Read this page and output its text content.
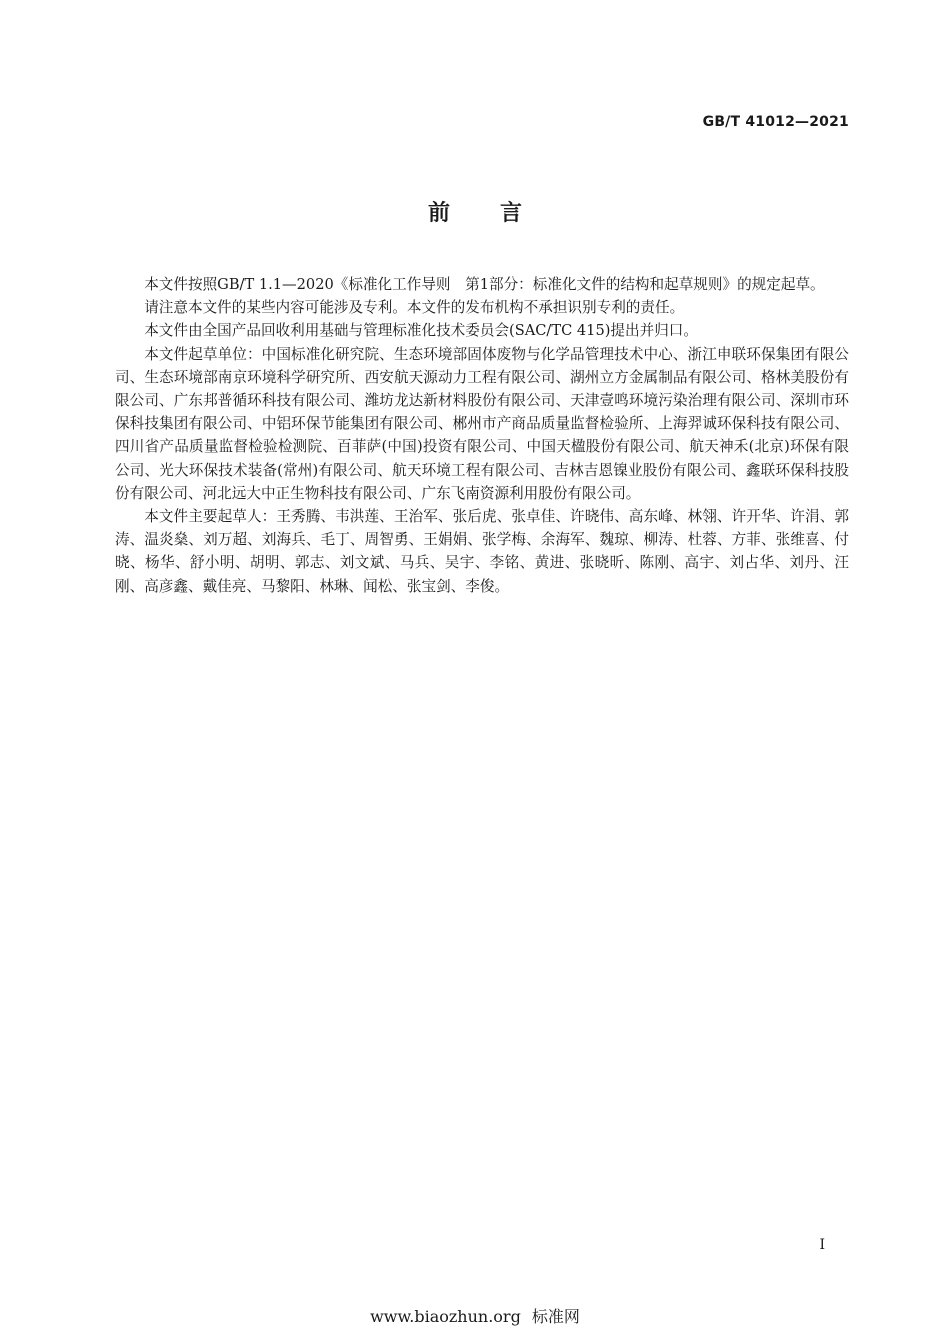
GB/T 41012—2021
前言

本文件按照GB/T 1.1—2020《标准化工作导则　第1部分：标准化文件的结构和起草规则》的规定起草。

请注意本文件的某些内容可能涉及专利。本文件的发布机构不承担识别专利的责任。

本文件由全国产品回收利用基础与管理标准化技术委员会(SAC/TC 415)提出并归口。

本文件起草单位：中国标准化研究院、生态环境部固体废物与化学品管理技术中心、浙江申联环保集团有限公司、生态环境部南京环境科学研究所、西安航天源动力工程有限公司、湖州立方金属制品有限公司、格林美股份有限公司、广东邦普循环科技有限公司、潍坊龙达新材料股份有限公司、天津壹鸣环境污染治理有限公司、深圳市环保科技集团有限公司、中铝环保节能集团有限公司、郴州市产商品质量监督检验所、上海羿诚环保科技有限公司、四川省产品质量监督检验检测院、百菲萨(中国)投资有限公司、中国天楹股份有限公司、航天神禾(北京)环保有限公司、光大环保技术装备(常州)有限公司、航天环境工程有限公司、吉林吉恩镍业股份有限公司、鑫联环保科技股份有限公司、河北远大中正生物科技有限公司、广东飞南资源利用股份有限公司。

本文件主要起草人：王秀腾、韦洪莲、王治军、张后虎、张卓佳、许晓伟、高东峰、林翎、许开华、许涓、郭涛、温炎燊、刘万超、刘海兵、毛丁、周智勇、王娟娟、张学梅、余海军、魏琼、柳涛、杜蓉、方菲、张维喜、付晓、杨华、舒小明、胡明、郭志、刘文斌、马兵、吴宇、李铭、黄进、张晓昕、陈刚、高宇、刘占华、刘丹、汪刚、高彦鑫、戴佳亮、马黎阳、林琳、闻松、张宝剑、李俊。

I
www.biaozhun.org 标准网
